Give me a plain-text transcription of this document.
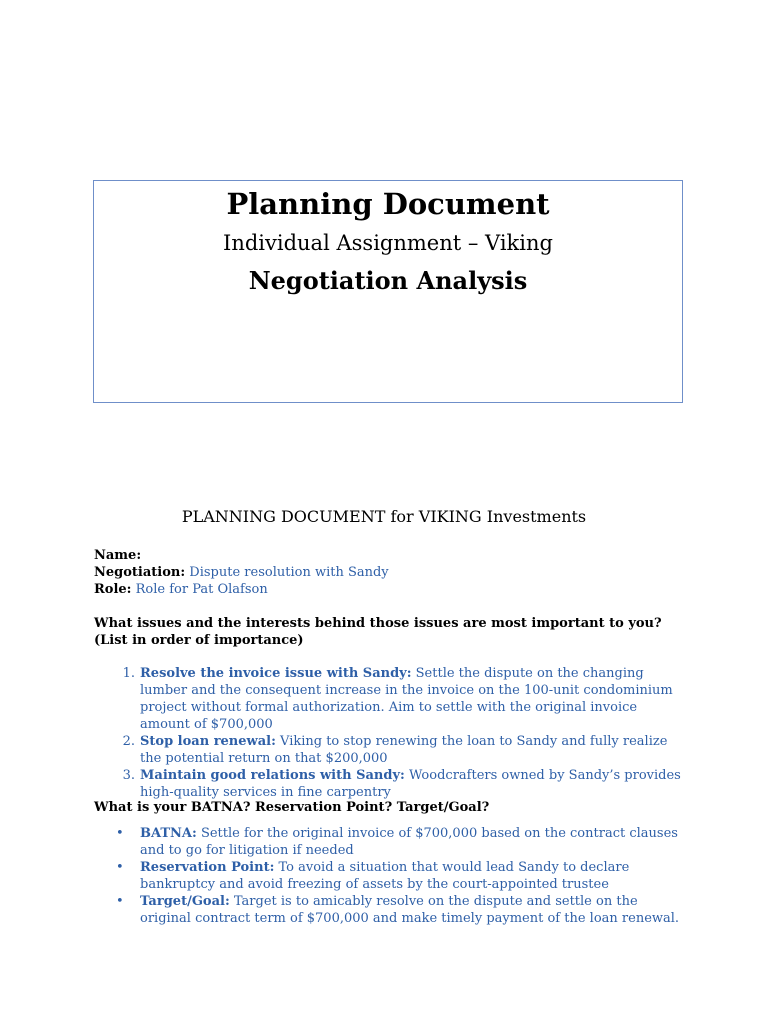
Planning Document
Individual Assignment – Viking
Negotiation Analysis
PLANNING DOCUMENT for VIKING Investments
Name:
Negotiation: Dispute resolution with Sandy
Role: Role for Pat Olafson
What issues and the interests behind those issues are most important to you? (List in order of importance)
1. Resolve the invoice issue with Sandy: Settle the dispute on the changing lumber and the consequent increase in the invoice on the 100-unit condominium project without formal authorization. Aim to settle with the original invoice amount of $700,000
2. Stop loan renewal: Viking to stop renewing the loan to Sandy and fully realize the potential return on that $200,000
3. Maintain good relations with Sandy: Woodcrafters owned by Sandy’s provides high-quality services in fine carpentry
What is your BATNA? Reservation Point? Target/Goal?
• BATNA: Settle for the original invoice of $700,000 based on the contract clauses and to go for litigation if needed
• Reservation Point: To avoid a situation that would lead Sandy to declare bankruptcy and avoid freezing of assets by the court-appointed trustee
• Target/Goal: Target is to amicably resolve on the dispute and settle on the original contract term of $700,000 and make timely payment of the loan renewal.
